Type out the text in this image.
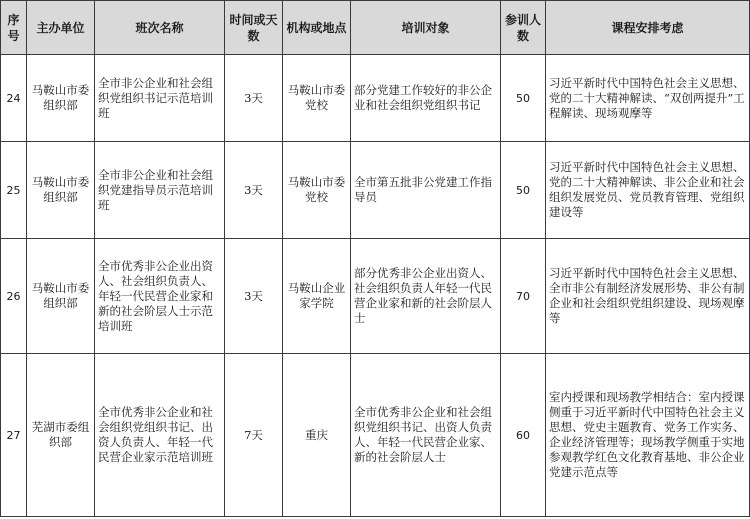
序号	主办单位	班次名称	时间或天数	机构或地点	培训对象	参训人数	课程安排考虑
24	马鞍山市委组织部	全市非公企业和社会组织党组织书记示范培训班	3天	马鞍山市委党校	部分党建工作较好的非公企业和社会组织党组织书记	50	习近平新时代中国特色社会主义思想、党的二十大精神解读、“双创两提升”工程解读、现场观摩等
25	马鞍山市委组织部	全市非公企业和社会组织党建指导员示范培训班	3天	马鞍山市委党校	全市第五批非公党建工作指导员	50	习近平新时代中国特色社会主义思想、党的二十大精神解读、非公企业和社会组织发展党员、党员教育管理、党组织建设等
26	马鞍山市委组织部	全市优秀非公企业出资人、社会组织负责人、年轻一代民营企业家和新的社会阶层人士示范培训班	3天	马鞍山企业家学院	部分优秀非公企业出资人、社会组织负责人年轻一代民营企业家和新的社会阶层人士	70	习近平新时代中国特色社会主义思想、全市非公有制经济发展形势、非公有制企业和社会组织党组织建设、现场观摩等
27	芜湖市委组织部	全市优秀非公企业和社会组织党组织书记、出资人负责人、年轻一代民营企业家示范培训班	7天	重庆	全市优秀非公企业和社会组织党组织书记、出资人负责人、年轻一代民营企业家、新的社会阶层人士	60	室内授课和现场教学相结合：室内授课侧重于习近平新时代中国特色社会主义思想、党史主题教育、党务工作实务、企业经济管理等；现场教学侧重于实地参观教学红色文化教育基地、非公企业党建示范点等
